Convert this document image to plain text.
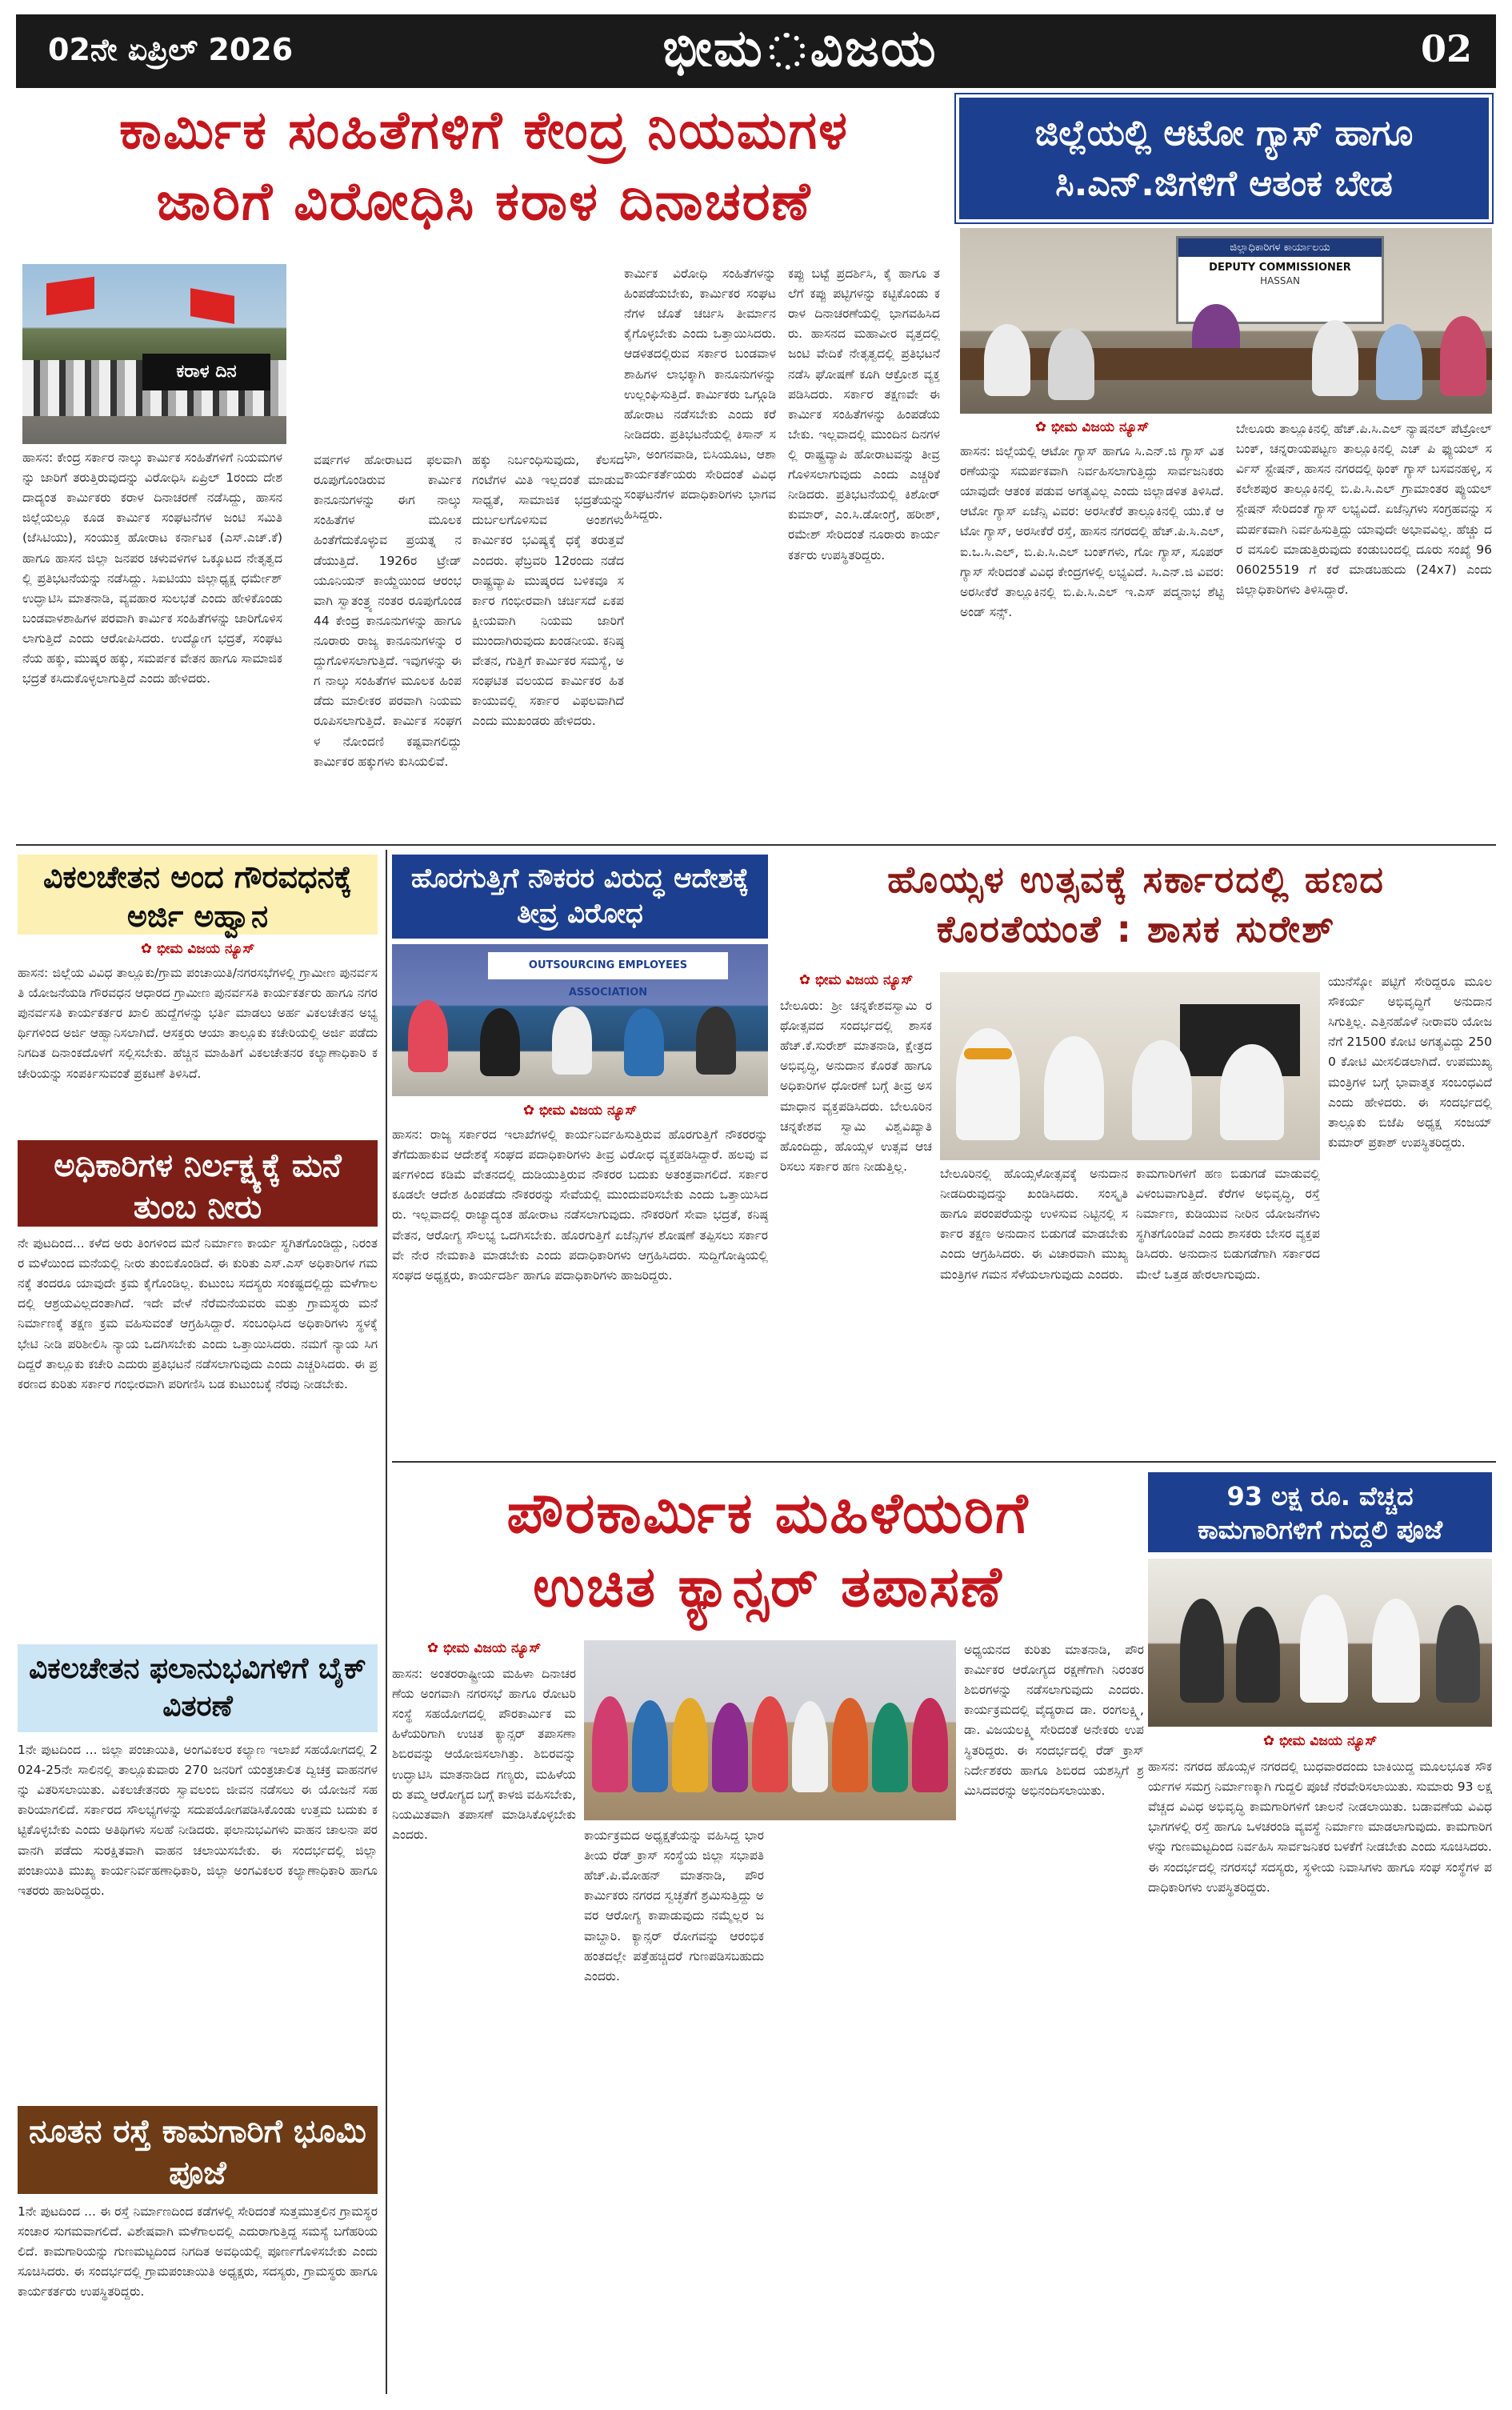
02ನೇ ಏಪ್ರಿಲ್ 2026	ಭೀಮ ವಿಜಯ	02
ಕಾರ್ಮಿಕ ಸಂಹಿತೆಗಳಿಗೆ ಕೇಂದ್ರ ನಿಯಮಗಳ
ಜಾರಿಗೆ ವಿರೋಧಿಸಿ ಕರಾಳ ದಿನಾಚರಣೆ
ಕರಾಳ ದಿನ
ಹಾಸನ: ಕೇಂದ್ರ ಸರ್ಕಾರ ನಾಲ್ಕು ಕಾರ್ಮಿಕ ಸಂಹಿತೆಗಳಿಗೆ ನಿಯಮಗಳನ್ನು ಜಾರಿಗೆ ತರುತ್ತಿರುವುದನ್ನು ವಿರೋಧಿಸಿ ಏಪ್ರಿಲ್ 1ರಂದು ದೇಶದಾದ್ಯಂತ ಕಾರ್ಮಿಕರು ಕರಾಳ ದಿನಾಚರಣೆ ನಡೆಸಿದ್ದು, ಹಾಸನ ಜಿಲ್ಲೆಯಲ್ಲೂ ಕೂಡ ಕಾರ್ಮಿಕ ಸಂಘಟನೆಗಳ ಜಂಟಿ ಸಮಿತಿ (ಜೆಸಿಟಿಯು), ಸಂಯುಕ್ತ ಹೋರಾಟ ಕರ್ನಾಟಕ (ಎಸ್.ಎಚ್.ಕೆ) ಹಾಗೂ ಹಾಸನ ಜಿಲ್ಲಾ ಜನಪರ ಚಳುವಳಿಗಳ ಒಕ್ಕೂಟದ ನೇತೃತ್ವದಲ್ಲಿ ಪ್ರತಿಭಟನೆಯನ್ನು ನಡೆಸಿದ್ದು. ಸಿಐಟಿಯು ಜಿಲ್ಲಾಧ್ಯಕ್ಷ ಧರ್ಮೇಶ್ ಉದ್ಘಾಟಿಸಿ ಮಾತನಾಡಿ, ವ್ಯವಹಾರ ಸುಲಭತೆ ಎಂದು ಹೇಳಿಕೊಂಡು ಬಂಡವಾಳಶಾಹಿಗಳ ಪರವಾಗಿ ಕಾರ್ಮಿಕ ಸಂಹಿತೆಗಳನ್ನು ಜಾರಿಗೊಳಿಸಲಾಗುತ್ತಿದೆ ಎಂದು ಆರೋಪಿಸಿದರು. ಉದ್ಯೋಗ ಭದ್ರತೆ, ಸಂಘಟನೆಯ ಹಕ್ಕು, ಮುಷ್ಕರ ಹಕ್ಕು, ಸಮರ್ಪಕ ವೇತನ ಹಾಗೂ ಸಾಮಾಜಿಕ ಭದ್ರತೆ ಕಸಿದುಕೊಳ್ಳಲಾಗುತ್ತಿದೆ ಎಂದು ಹೇಳಿದರು.
ವರ್ಷಗಳ ಹೋರಾಟದ ಫಲವಾಗಿ ರೂಪುಗೊಂಡಿರುವ ಕಾರ್ಮಿಕ ಕಾನೂನುಗಳನ್ನು ಈಗ ನಾಲ್ಕು ಸಂಹಿತೆಗಳ ಮೂಲಕ ಹಿಂತೆಗೆದುಕೊಳ್ಳುವ ಪ್ರಯತ್ನ ನಡೆಯುತ್ತಿದೆ. 1926ರ ಟ್ರೇಡ್ ಯೂನಿಯನ್ ಕಾಯ್ದೆಯಿಂದ ಆರಂಭವಾಗಿ ಸ್ವಾತಂತ್ರ್ಯ ನಂತರ ರೂಪುಗೊಂಡ 44 ಕೇಂದ್ರ ಕಾನೂನುಗಳನ್ನು ಹಾಗೂ ನೂರಾರು ರಾಜ್ಯ ಕಾನೂನುಗಳನ್ನು ರದ್ದುಗೊಳಿಸಲಾಗುತ್ತಿದೆ. ಇವುಗಳನ್ನು ಈಗ ನಾಲ್ಕು ಸಂಹಿತೆಗಳ ಮೂಲಕ ಹಿಂಪಡೆದು ಮಾಲೀಕರ ಪರವಾಗಿ ನಿಯಮ ರೂಪಿಸಲಾಗುತ್ತಿದೆ. ಕಾರ್ಮಿಕ ಸಂಘಗಳ ನೋಂದಣಿ ಕಷ್ಟವಾಗಲಿದ್ದು ಕಾರ್ಮಿಕರ ಹಕ್ಕುಗಳು ಕುಸಿಯಲಿವೆ.
ಹಕ್ಕು ನಿರ್ಬಂಧಿಸುವುದು, ಕೆಲಸದ ಗಂಟೆಗಳ ಮಿತಿ ಇಲ್ಲದಂತೆ ಮಾಡುವ ಸಾಧ್ಯತೆ, ಸಾಮಾಜಿಕ ಭದ್ರತೆಯನ್ನು ದುರ್ಬಲಗೊಳಿಸುವ ಅಂಶಗಳು ಕಾರ್ಮಿಕರ ಭವಿಷ್ಯಕ್ಕೆ ಧಕ್ಕೆ ತರುತ್ತವೆ ಎಂದರು. ಫೆಬ್ರವರಿ 12ರಂದು ನಡೆದ ರಾಷ್ಟ್ರವ್ಯಾಪಿ ಮುಷ್ಕರದ ಬಳಿಕವೂ ಸರ್ಕಾರ ಗಂಭೀರವಾಗಿ ಚರ್ಚಿಸದೆ ಏಕಪಕ್ಷೀಯವಾಗಿ ನಿಯಮ ಜಾರಿಗೆ ಮುಂದಾಗಿರುವುದು ಖಂಡನೀಯ. ಕನಿಷ್ಠ ವೇತನ, ಗುತ್ತಿಗೆ ಕಾರ್ಮಿಕರ ಸಮಸ್ಯೆ, ಅಸಂಘಟಿತ ವಲಯದ ಕಾರ್ಮಿಕರ ಹಿತ ಕಾಯುವಲ್ಲಿ ಸರ್ಕಾರ ವಿಫಲವಾಗಿದೆ ಎಂದು ಮುಖಂಡರು ಹೇಳಿದರು.
ಕಾರ್ಮಿಕ ವಿರೋಧಿ ಸಂಹಿತೆಗಳನ್ನು ಹಿಂಪಡೆಯಬೇಕು, ಕಾರ್ಮಿಕರ ಸಂಘಟನೆಗಳ ಜೊತೆ ಚರ್ಚಿಸಿ ತೀರ್ಮಾನ ಕೈಗೊಳ್ಳಬೇಕು ಎಂದು ಒತ್ತಾಯಿಸಿದರು. ಆಡಳಿತದಲ್ಲಿರುವ ಸರ್ಕಾರ ಬಂಡವಾಳಶಾಹಿಗಳ ಲಾಭಕ್ಕಾಗಿ ಕಾನೂನುಗಳನ್ನು ಉಲ್ಲಂಘಿಸುತ್ತಿದೆ. ಕಾರ್ಮಿಕರು ಒಗ್ಗೂಡಿ ಹೋರಾಟ ನಡೆಸಬೇಕು ಎಂದು ಕರೆ ನೀಡಿದರು. ಪ್ರತಿಭಟನೆಯಲ್ಲಿ ಕಿಸಾನ್ ಸಭಾ, ಅಂಗನವಾಡಿ, ಬಿಸಿಯೂಟ, ಆಶಾ ಕಾರ್ಯಕರ್ತೆಯರು ಸೇರಿದಂತೆ ವಿವಿಧ ಸಂಘಟನೆಗಳ ಪದಾಧಿಕಾರಿಗಳು ಭಾಗವಹಿಸಿದ್ದರು.
ಕಪ್ಪು ಬಟ್ಟೆ ಪ್ರದರ್ಶಿಸಿ, ಕೈ ಹಾಗೂ ತಲೆಗೆ ಕಪ್ಪು ಪಟ್ಟಿಗಳನ್ನು ಕಟ್ಟಿಕೊಂಡು ಕರಾಳ ದಿನಾಚರಣೆಯಲ್ಲಿ ಭಾಗವಹಿಸಿದರು. ಹಾಸನದ ಮಹಾವೀರ ವೃತ್ತದಲ್ಲಿ ಜಂಟಿ ವೇದಿಕೆ ನೇತೃತ್ವದಲ್ಲಿ ಪ್ರತಿಭಟನೆ ನಡೆಸಿ ಘೋಷಣೆ ಕೂಗಿ ಆಕ್ರೋಶ ವ್ಯಕ್ತಪಡಿಸಿದರು. ಸರ್ಕಾರ ತಕ್ಷಣವೇ ಈ ಕಾರ್ಮಿಕ ಸಂಹಿತೆಗಳನ್ನು ಹಿಂಪಡೆಯಬೇಕು. ಇಲ್ಲವಾದಲ್ಲಿ ಮುಂದಿನ ದಿನಗಳಲ್ಲಿ ರಾಷ್ಟ್ರವ್ಯಾಪಿ ಹೋರಾಟವನ್ನು ತೀವ್ರಗೊಳಿಸಲಾಗುವುದು ಎಂದು ಎಚ್ಚರಿಕೆ ನೀಡಿದರು. ಪ್ರತಿಭಟನೆಯಲ್ಲಿ ಕಿಶೋರ್ ಕುಮಾರ್, ಎಂ.ಸಿ.ಡೋಂಗ್ರೆ, ಹರೀಶ್, ರಮೇಶ್ ಸೇರಿದಂತೆ ನೂರಾರು ಕಾರ್ಯಕರ್ತರು ಉಪಸ್ಥಿತರಿದ್ದರು.
ಜಿಲ್ಲೆಯಲ್ಲಿ ಆಟೋ ಗ್ಯಾಸ್ ಹಾಗೂ
ಸಿ.ಎನ್.ಜಿಗಳಿಗೆ ಆತಂಕ ಬೇಡ
ಜಿಲ್ಲಾಧಿಕಾರಿಗಳ ಕಾರ್ಯಾಲಯ
DEPUTY COMMISSIONER
HASSAN
✿ ಭೀಮ ವಿಜಯ ನ್ಯೂಸ್
ಹಾಸನ: ಜಿಲ್ಲೆಯಲ್ಲಿ ಆಟೋ ಗ್ಯಾಸ್ ಹಾಗೂ ಸಿ.ಎನ್.ಜಿ ಗ್ಯಾಸ್ ವಿತರಣೆಯನ್ನು ಸಮರ್ಪಕವಾಗಿ ನಿರ್ವಹಿಸಲಾಗುತ್ತಿದ್ದು ಸಾರ್ವಜನಿಕರು ಯಾವುದೇ ಆತಂಕ ಪಡುವ ಅಗತ್ಯವಿಲ್ಲ ಎಂದು ಜಿಲ್ಲಾಡಳಿತ ತಿಳಿಸಿದೆ. ಆಟೋ ಗ್ಯಾಸ್ ಏಜೆನ್ಸಿ ವಿವರ: ಅರಸೀಕೆರೆ ತಾಲ್ಲೂಕಿನಲ್ಲಿ ಯು.ಕೆ ಆಟೋ ಗ್ಯಾಸ್, ಅರಸೀಕೆರೆ ರಸ್ತೆ, ಹಾಸನ ನಗರದಲ್ಲಿ ಹೆಚ್.ಪಿ.ಸಿ.ಎಲ್, ಐ.ಒ.ಸಿ.ಎಲ್, ಬಿ.ಪಿ.ಸಿ.ಎಲ್ ಬಂಕ್‌ಗಳು, ಗೋ ಗ್ಯಾಸ್, ಸೂಪರ್ ಗ್ಯಾಸ್ ಸೇರಿದಂತೆ ವಿವಿಧ ಕೇಂದ್ರಗಳಲ್ಲಿ ಲಭ್ಯವಿದೆ. ಸಿ.ಎನ್.ಜಿ ವಿವರ: ಅರಸೀಕೆರೆ ತಾಲ್ಲೂಕಿನಲ್ಲಿ ಬಿ.ಪಿ.ಸಿ.ಎಲ್ ಇ.ಎಸ್ ಪದ್ಮನಾಭ ಶೆಟ್ಟಿ ಅಂಡ್ ಸನ್ಸ್.
ಬೇಲೂರು ತಾಲ್ಲೂಕಿನಲ್ಲಿ ಹೆಚ್.ಪಿ.ಸಿ.ಎಲ್ ನ್ಯಾಷನಲ್ ಪೆಟ್ರೋಲ್ ಬಂಕ್, ಚನ್ನರಾಯಪಟ್ಟಣ ತಾಲ್ಲೂಕಿನಲ್ಲಿ ಎಚ್ ಪಿ ಫ್ಯುಯಲ್ ಸರ್ವಿಸ್ ಸ್ಟೇಷನ್, ಹಾಸನ ನಗರದಲ್ಲಿ ಥಿಂಕ್ ಗ್ಯಾಸ್ ಬಸವನಹಳ್ಳಿ, ಸಕಲೇಶಪುರ ತಾಲ್ಲೂಕಿನಲ್ಲಿ ಬಿ.ಪಿ.ಸಿ.ಎಲ್ ಗ್ರಾಮಾಂತರ ಪ್ಯುಯಲ್ ಸ್ಟೇಷನ್ ಸೇರಿದಂತೆ ಗ್ಯಾಸ್ ಲಭ್ಯವಿದೆ. ಏಜೆನ್ಸಿಗಳು ಸಂಗ್ರಹವನ್ನು ಸಮರ್ಪಕವಾಗಿ ನಿರ್ವಹಿಸುತ್ತಿದ್ದು ಯಾವುದೇ ಅಭಾವವಿಲ್ಲ. ಹೆಚ್ಚು ದರ ವಸೂಲಿ ಮಾಡುತ್ತಿರುವುದು ಕಂಡುಬಂದಲ್ಲಿ ದೂರು ಸಂಖ್ಯೆ 9606025519 ಗೆ ಕರೆ ಮಾಡಬಹುದು (24x7) ಎಂದು ಜಿಲ್ಲಾಧಿಕಾರಿಗಳು ತಿಳಿಸಿದ್ದಾರೆ.
ವಿಕಲಚೇತನ ಅಂದ ಗೌರವಧನಕ್ಕೆ ಅರ್ಜಿ ಅಹ್ವಾನ
✿ ಭೀಮ ವಿಜಯ ನ್ಯೂಸ್
ಹಾಸನ: ಜಿಲ್ಲೆಯ ವಿವಿಧ ತಾಲ್ಲೂಕು/ಗ್ರಾಮ ಪಂಚಾಯಿತಿ/ನಗರಸಭೆಗಳಲ್ಲಿ ಗ್ರಾಮೀಣ ಪುನರ್ವಸತಿ ಯೋಜನೆಯಡಿ ಗೌರವಧನ ಆಧಾರದ ಗ್ರಾಮೀಣ ಪುನರ್ವಸತಿ ಕಾರ್ಯಕರ್ತರು ಹಾಗೂ ನಗರ ಪುನರ್ವಸತಿ ಕಾರ್ಯಕರ್ತರ ಖಾಲಿ ಹುದ್ದೆಗಳನ್ನು ಭರ್ತಿ ಮಾಡಲು ಅರ್ಹ ವಿಕಲಚೇತನ ಅಭ್ಯರ್ಥಿಗಳಿಂದ ಅರ್ಜಿ ಆಹ್ವಾನಿಸಲಾಗಿದೆ. ಆಸಕ್ತರು ಆಯಾ ತಾಲ್ಲೂಕು ಕಚೇರಿಯಲ್ಲಿ ಅರ್ಜಿ ಪಡೆದು ನಿಗದಿತ ದಿನಾಂಕದೊಳಗೆ ಸಲ್ಲಿಸಬೇಕು. ಹೆಚ್ಚಿನ ಮಾಹಿತಿಗೆ ವಿಕಲಚೇತನರ ಕಲ್ಯಾಣಾಧಿಕಾರಿ ಕಚೇರಿಯನ್ನು ಸಂಪರ್ಕಿಸುವಂತೆ ಪ್ರಕಟಣೆ ತಿಳಿಸಿದೆ.
ಅಧಿಕಾರಿಗಳ ನಿರ್ಲಕ್ಷ್ಯಕ್ಕೆ ಮನೆ ತುಂಬ ನೀರು
ನೇ ಪುಟದಿಂದ... ಕಳೆದ ಅರು ತಿಂಗಳಿಂದ ಮನೆ ನಿರ್ಮಾಣ ಕಾರ್ಯ ಸ್ಥಗಿತಗೊಂಡಿದ್ದು, ನಿರಂತರ ಮಳೆಯಿಂದ ಮನೆಯಲ್ಲಿ ನೀರು ತುಂಬಿಕೊಂಡಿದೆ. ಈ ಕುರಿತು ಎಸ್.ಎಸ್ ಅಧಿಕಾರಿಗಳ ಗಮನಕ್ಕೆ ತಂದರೂ ಯಾವುದೇ ಕ್ರಮ ಕೈಗೊಂಡಿಲ್ಲ. ಕುಟುಂಬ ಸದಸ್ಯರು ಸಂಕಷ್ಟದಲ್ಲಿದ್ದು ಮಳೆಗಾಲದಲ್ಲಿ ಆಶ್ರಯವಿಲ್ಲದಂತಾಗಿದೆ. ಇದೇ ವೇಳೆ ನೆರೆಮನೆಯವರು ಮತ್ತು ಗ್ರಾಮಸ್ಥರು ಮನೆ ನಿರ್ಮಾಣಕ್ಕೆ ತಕ್ಷಣ ಕ್ರಮ ವಹಿಸುವಂತೆ ಆಗ್ರಹಿಸಿದ್ದಾರೆ. ಸಂಬಂಧಿಸಿದ ಅಧಿಕಾರಿಗಳು ಸ್ಥಳಕ್ಕೆ ಭೇಟಿ ನೀಡಿ ಪರಿಶೀಲಿಸಿ ನ್ಯಾಯ ಒದಗಿಸಬೇಕು ಎಂದು ಒತ್ತಾಯಿಸಿದರು. ನಮಗೆ ನ್ಯಾಯ ಸಿಗದಿದ್ದರೆ ತಾಲ್ಲೂಕು ಕಚೇರಿ ಎದುರು ಪ್ರತಿಭಟನೆ ನಡೆಸಲಾಗುವುದು ಎಂದು ಎಚ್ಚರಿಸಿದರು. ಈ ಪ್ರಕರಣದ ಕುರಿತು ಸರ್ಕಾರ ಗಂಭೀರವಾಗಿ ಪರಿಗಣಿಸಿ ಬಡ ಕುಟುಂಬಕ್ಕೆ ನೆರವು ನೀಡಬೇಕು.
ವಿಕಲಚೇತನ ಫಲಾನುಭವಿಗಳಿಗೆ ಬೈಕ್ ವಿತರಣೆ
1ನೇ ಪುಟದಿಂದ ... ಜಿಲ್ಲಾ ಪಂಚಾಯಿತಿ, ಅಂಗವಿಕಲರ ಕಲ್ಯಾಣ ಇಲಾಖೆ ಸಹಯೋಗದಲ್ಲಿ 2024-25ನೇ ಸಾಲಿನಲ್ಲಿ ತಾಲ್ಲೂಕುವಾರು 270 ಜನರಿಗೆ ಯಂತ್ರಚಾಲಿತ ದ್ವಿಚಕ್ರ ವಾಹನಗಳನ್ನು ವಿತರಿಸಲಾಯಿತು. ವಿಕಲಚೇತನರು ಸ್ವಾವಲಂಬಿ ಜೀವನ ನಡೆಸಲು ಈ ಯೋಜನೆ ಸಹಕಾರಿಯಾಗಲಿದೆ. ಸರ್ಕಾರದ ಸೌಲಭ್ಯಗಳನ್ನು ಸದುಪಯೋಗಪಡಿಸಿಕೊಂಡು ಉತ್ತಮ ಬದುಕು ಕಟ್ಟಿಕೊಳ್ಳಬೇಕು ಎಂದು ಅತಿಥಿಗಳು ಸಲಹೆ ನೀಡಿದರು. ಫಲಾನುಭವಿಗಳು ವಾಹನ ಚಾಲನಾ ಪರವಾನಗಿ ಪಡೆದು ಸುರಕ್ಷಿತವಾಗಿ ವಾಹನ ಚಲಾಯಿಸಬೇಕು. ಈ ಸಂದರ್ಭದಲ್ಲಿ ಜಿಲ್ಲಾ ಪಂಚಾಯಿತಿ ಮುಖ್ಯ ಕಾರ್ಯನಿರ್ವಹಣಾಧಿಕಾರಿ, ಜಿಲ್ಲಾ ಅಂಗವಿಕಲರ ಕಲ್ಯಾಣಾಧಿಕಾರಿ ಹಾಗೂ ಇತರರು ಹಾಜರಿದ್ದರು.
ನೂತನ ರಸ್ತೆ ಕಾಮಗಾರಿಗೆ ಭೂಮಿ ಪೂಜೆ
1ನೇ ಪುಟದಿಂದ ... ಈ ರಸ್ತೆ ನಿರ್ಮಾಣದಿಂದ ಕಡೆಗಳಲ್ಲಿ ಸೇರಿದಂತೆ ಸುತ್ತಮುತ್ತಲಿನ ಗ್ರಾಮಸ್ಥರ ಸಂಚಾರ ಸುಗಮವಾಗಲಿದೆ. ವಿಶೇಷವಾಗಿ ಮಳೆಗಾಲದಲ್ಲಿ ಎದುರಾಗುತ್ತಿದ್ದ ಸಮಸ್ಯೆ ಬಗೆಹರಿಯಲಿದೆ. ಕಾಮಗಾರಿಯನ್ನು ಗುಣಮಟ್ಟದಿಂದ ನಿಗದಿತ ಅವಧಿಯಲ್ಲಿ ಪೂರ್ಣಗೊಳಿಸಬೇಕು ಎಂದು ಸೂಚಿಸಿದರು. ಈ ಸಂದರ್ಭದಲ್ಲಿ ಗ್ರಾಮಪಂಚಾಯಿತಿ ಅಧ್ಯಕ್ಷರು, ಸದಸ್ಯರು, ಗ್ರಾಮಸ್ಥರು ಹಾಗೂ ಕಾರ್ಯಕರ್ತರು ಉಪಸ್ಥಿತರಿದ್ದರು.
ಹೊರಗುತ್ತಿಗೆ ನೌಕರರ ವಿರುದ್ಧ ಆದೇಶಕ್ಕೆ ತೀವ್ರ ವಿರೋಧ
OUTSOURCING EMPLOYEES ASSOCIATION
✿ ಭೀಮ ವಿಜಯ ನ್ಯೂಸ್
ಹಾಸನ: ರಾಜ್ಯ ಸರ್ಕಾರದ ಇಲಾಖೆಗಳಲ್ಲಿ ಕಾರ್ಯನಿರ್ವಹಿಸುತ್ತಿರುವ ಹೊರಗುತ್ತಿಗೆ ನೌಕರರನ್ನು ತೆಗೆದುಹಾಕುವ ಆದೇಶಕ್ಕೆ ಸಂಘದ ಪದಾಧಿಕಾರಿಗಳು ತೀವ್ರ ವಿರೋಧ ವ್ಯಕ್ತಪಡಿಸಿದ್ದಾರೆ. ಹಲವು ವರ್ಷಗಳಿಂದ ಕಡಿಮೆ ವೇತನದಲ್ಲಿ ದುಡಿಯುತ್ತಿರುವ ನೌಕರರ ಬದುಕು ಅತಂತ್ರವಾಗಲಿದೆ. ಸರ್ಕಾರ ಕೂಡಲೇ ಆದೇಶ ಹಿಂಪಡೆದು ನೌಕರರನ್ನು ಸೇವೆಯಲ್ಲಿ ಮುಂದುವರಿಸಬೇಕು ಎಂದು ಒತ್ತಾಯಿಸಿದರು. ಇಲ್ಲವಾದಲ್ಲಿ ರಾಜ್ಯಾದ್ಯಂತ ಹೋರಾಟ ನಡೆಸಲಾಗುವುದು. ನೌಕರರಿಗೆ ಸೇವಾ ಭದ್ರತೆ, ಕನಿಷ್ಠ ವೇತನ, ಆರೋಗ್ಯ ಸೌಲಭ್ಯ ಒದಗಿಸಬೇಕು. ಹೊರಗುತ್ತಿಗೆ ಏಜೆನ್ಸಿಗಳ ಶೋಷಣೆ ತಪ್ಪಿಸಲು ಸರ್ಕಾರವೇ ನೇರ ನೇಮಕಾತಿ ಮಾಡಬೇಕು ಎಂದು ಪದಾಧಿಕಾರಿಗಳು ಆಗ್ರಹಿಸಿದರು. ಸುದ್ದಿಗೋಷ್ಠಿಯಲ್ಲಿ ಸಂಘದ ಅಧ್ಯಕ್ಷರು, ಕಾರ್ಯದರ್ಶಿ ಹಾಗೂ ಪದಾಧಿಕಾರಿಗಳು ಹಾಜರಿದ್ದರು.
ಹೊಯ್ಸಳ ಉತ್ಸವಕ್ಕೆ ಸರ್ಕಾರದಲ್ಲಿ ಹಣದ
ಕೊರತೆಯಂತೆ : ಶಾಸಕ ಸುರೇಶ್
✿ ಭೀಮ ವಿಜಯ ನ್ಯೂಸ್
ಬೇಲೂರು: ಶ್ರೀ ಚನ್ನಕೇಶವಸ್ವಾಮಿ ರಥೋತ್ಸವದ ಸಂದರ್ಭದಲ್ಲಿ ಶಾಸಕ ಹೆಚ್.ಕೆ.ಸುರೇಶ್ ಮಾತನಾಡಿ, ಕ್ಷೇತ್ರದ ಅಭಿವೃದ್ಧಿ, ಅನುದಾನ ಕೊರತೆ ಹಾಗೂ ಅಧಿಕಾರಿಗಳ ಧೋರಣೆ ಬಗ್ಗೆ ತೀವ್ರ ಅಸಮಾಧಾನ ವ್ಯಕ್ತಪಡಿಸಿದರು. ಬೇಲೂರಿನ ಚನ್ನಕೇಶವ ಸ್ವಾಮಿ ವಿಶ್ವವಿಖ್ಯಾತಿ ಹೊಂದಿದ್ದು, ಹೊಯ್ಸಳ ಉತ್ಸವ ಆಚರಿಸಲು ಸರ್ಕಾರ ಹಣ ನೀಡುತ್ತಿಲ್ಲ.
ಯುನೆಸ್ಕೋ ಪಟ್ಟಿಗೆ ಸೇರಿದ್ದರೂ ಮೂಲಸೌಕರ್ಯ ಅಭಿವೃದ್ಧಿಗೆ ಅನುದಾನ ಸಿಗುತ್ತಿಲ್ಲ. ಎತ್ತಿನಹೊಳೆ ನೀರಾವರಿ ಯೋಜನೆಗೆ 21500 ಕೋಟಿ ಅಗತ್ಯವಿದ್ದು 2500 ಕೋಟಿ ಮೀಸಲಿಡಲಾಗಿದೆ. ಉಪಮುಖ್ಯಮಂತ್ರಿಗಳ ಬಗ್ಗೆ ಭಾವಾತ್ಮಕ ಸಂಬಂಧವಿದೆ ಎಂದು ಹೇಳಿದರು. ಈ ಸಂದರ್ಭದಲ್ಲಿ ತಾಲ್ಲೂಕು ಬಿಜೆಪಿ ಅಧ್ಯಕ್ಷ ಸಂಜಯ್ ಕುಮಾರ್ ಪ್ರಕಾಶ್ ಉಪಸ್ಥಿತರಿದ್ದರು.
ಬೇಲೂರಿನಲ್ಲಿ ಹೊಯ್ಸಳೋತ್ಸವಕ್ಕೆ ಅನುದಾನ ನೀಡದಿರುವುದನ್ನು ಖಂಡಿಸಿದರು. ಸಂಸ್ಕೃತಿ ಹಾಗೂ ಪರಂಪರೆಯನ್ನು ಉಳಿಸುವ ನಿಟ್ಟಿನಲ್ಲಿ ಸರ್ಕಾರ ತಕ್ಷಣ ಅನುದಾನ ಬಿಡುಗಡೆ ಮಾಡಬೇಕು ಎಂದು ಆಗ್ರಹಿಸಿದರು. ಈ ವಿಚಾರವಾಗಿ ಮುಖ್ಯಮಂತ್ರಿಗಳ ಗಮನ ಸೆಳೆಯಲಾಗುವುದು ಎಂದರು.
ಕಾಮಗಾರಿಗಳಿಗೆ ಹಣ ಬಿಡುಗಡೆ ಮಾಡುವಲ್ಲಿ ವಿಳಂಬವಾಗುತ್ತಿದೆ. ಕೆರೆಗಳ ಅಭಿವೃದ್ಧಿ, ರಸ್ತೆ ನಿರ್ಮಾಣ, ಕುಡಿಯುವ ನೀರಿನ ಯೋಜನೆಗಳು ಸ್ಥಗಿತಗೊಂಡಿವೆ ಎಂದು ಶಾಸಕರು ಬೇಸರ ವ್ಯಕ್ತಪಡಿಸಿದರು. ಅನುದಾನ ಬಿಡುಗಡೆಗಾಗಿ ಸರ್ಕಾರದ ಮೇಲೆ ಒತ್ತಡ ಹೇರಲಾಗುವುದು.
ಪೌರಕಾರ್ಮಿಕ ಮಹಿಳೆಯರಿಗೆ
ಉಚಿತ ಕ್ಯಾನ್ಸರ್ ತಪಾಸಣೆ
✿ ಭೀಮ ವಿಜಯ ನ್ಯೂಸ್
ಹಾಸನ: ಅಂತರರಾಷ್ಟ್ರೀಯ ಮಹಿಳಾ ದಿನಾಚರಣೆಯ ಅಂಗವಾಗಿ ನಗರಸಭೆ ಹಾಗೂ ರೋಟರಿ ಸಂಸ್ಥೆ ಸಹಯೋಗದಲ್ಲಿ ಪೌರಕಾರ್ಮಿಕ ಮಹಿಳೆಯರಿಗಾಗಿ ಉಚಿತ ಕ್ಯಾನ್ಸರ್ ತಪಾಸಣಾ ಶಿಬಿರವನ್ನು ಆಯೋಜಿಸಲಾಗಿತ್ತು. ಶಿಬಿರವನ್ನು ಉದ್ಘಾಟಿಸಿ ಮಾತನಾಡಿದ ಗಣ್ಯರು, ಮಹಿಳೆಯರು ತಮ್ಮ ಆರೋಗ್ಯದ ಬಗ್ಗೆ ಕಾಳಜಿ ವಹಿಸಬೇಕು, ನಿಯಮಿತವಾಗಿ ತಪಾಸಣೆ ಮಾಡಿಸಿಕೊಳ್ಳಬೇಕು ಎಂದರು.	ಕಾರ್ಯಕ್ರಮದ ಅಧ್ಯಕ್ಷತೆಯನ್ನು ವಹಿಸಿದ್ದ ಭಾರತೀಯ ರೆಡ್ ಕ್ರಾಸ್ ಸಂಸ್ಥೆಯ ಜಿಲ್ಲಾ ಸಭಾಪತಿ ಹೆಚ್.ಪಿ.ಮೋಹನ್ ಮಾತನಾಡಿ, ಪೌರಕಾರ್ಮಿಕರು ನಗರದ ಸ್ವಚ್ಛತೆಗೆ ಶ್ರಮಿಸುತ್ತಿದ್ದು ಅವರ ಆರೋಗ್ಯ ಕಾಪಾಡುವುದು ನಮ್ಮೆಲ್ಲರ ಜವಾಬ್ದಾರಿ. ಕ್ಯಾನ್ಸರ್ ರೋಗವನ್ನು ಆರಂಭಿಕ ಹಂತದಲ್ಲೇ ಪತ್ತೆಹಚ್ಚಿದರೆ ಗುಣಪಡಿಸಬಹುದು ಎಂದರು.
ಅಧ್ಯಯನದ ಕುರಿತು ಮಾತನಾಡಿ, ಪೌರಕಾರ್ಮಿಕರ ಆರೋಗ್ಯದ ರಕ್ಷಣೆಗಾಗಿ ನಿರಂತರ ಶಿಬಿರಗಳನ್ನು ನಡೆಸಲಾಗುವುದು ಎಂದರು. ಕಾರ್ಯಕ್ರಮದಲ್ಲಿ ವೈದ್ಯರಾದ ಡಾ. ರಂಗಲಕ್ಷ್ಮಿ, ಡಾ. ವಿಜಯಲಕ್ಷ್ಮಿ ಸೇರಿದಂತೆ ಅನೇಕರು ಉಪಸ್ಥಿತರಿದ್ದರು. ಈ ಸಂದರ್ಭದಲ್ಲಿ ರೆಡ್ ಕ್ರಾಸ್ ನಿರ್ದೇಶಕರು ಹಾಗೂ ಶಿಬಿರದ ಯಶಸ್ಸಿಗೆ ಶ್ರಮಿಸಿದವರನ್ನು ಅಭಿನಂದಿಸಲಾಯಿತು.
93 ಲಕ್ಷ ರೂ. ವೆಚ್ಚದ
ಕಾಮಗಾರಿಗಳಿಗೆ ಗುದ್ದಲಿ ಪೂಜೆ
✿ ಭೀಮ ವಿಜಯ ನ್ಯೂಸ್
ಹಾಸನ: ನಗರದ ಹೊಯ್ಸಳ ನಗರದಲ್ಲಿ ಬುಧವಾರದಂದು ಬಾಕಿಯಿದ್ದ ಮೂಲಭೂತ ಸೌಕರ್ಯಗಳ ಸಮಗ್ರ ನಿರ್ಮಾಣಕ್ಕಾಗಿ ಗುದ್ದಲಿ ಪೂಜೆ ನೆರವೇರಿಸಲಾಯಿತು. ಸುಮಾರು 93 ಲಕ್ಷ ವೆಚ್ಚದ ವಿವಿಧ ಅಭಿವೃದ್ಧಿ ಕಾಮಗಾರಿಗಳಿಗೆ ಚಾಲನೆ ನೀಡಲಾಯಿತು. ಬಡಾವಣೆಯ ವಿವಿಧ ಭಾಗಗಳಲ್ಲಿ ರಸ್ತೆ ಹಾಗೂ ಒಳಚರಂಡಿ ವ್ಯವಸ್ಥೆ ನಿರ್ಮಾಣ ಮಾಡಲಾಗುವುದು. ಕಾಮಗಾರಿಗಳನ್ನು ಗುಣಮಟ್ಟದಿಂದ ನಿರ್ವಹಿಸಿ ಸಾರ್ವಜನಿಕರ ಬಳಕೆಗೆ ನೀಡಬೇಕು ಎಂದು ಸೂಚಿಸಿದರು. ಈ ಸಂದರ್ಭದಲ್ಲಿ ನಗರಸಭೆ ಸದಸ್ಯರು, ಸ್ಥಳೀಯ ನಿವಾಸಿಗಳು ಹಾಗೂ ಸಂಘ ಸಂಸ್ಥೆಗಳ ಪದಾಧಿಕಾರಿಗಳು ಉಪಸ್ಥಿತರಿದ್ದರು.
